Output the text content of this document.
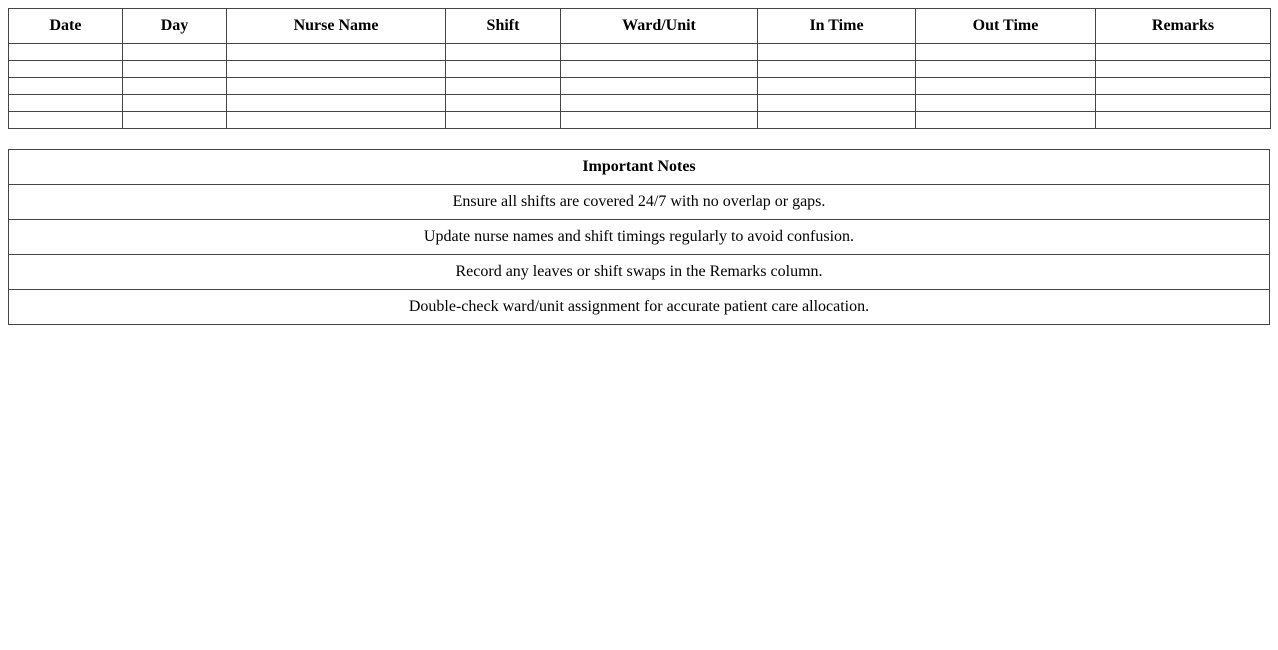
Date	Day	Nurse Name	Shift	Ward/Unit	In Time	Out Time	Remarks

Important Notes
Ensure all shifts are covered 24/7 with no overlap or gaps.
Update nurse names and shift timings regularly to avoid confusion.
Record any leaves or shift swaps in the Remarks column.
Double-check ward/unit assignment for accurate patient care allocation.
